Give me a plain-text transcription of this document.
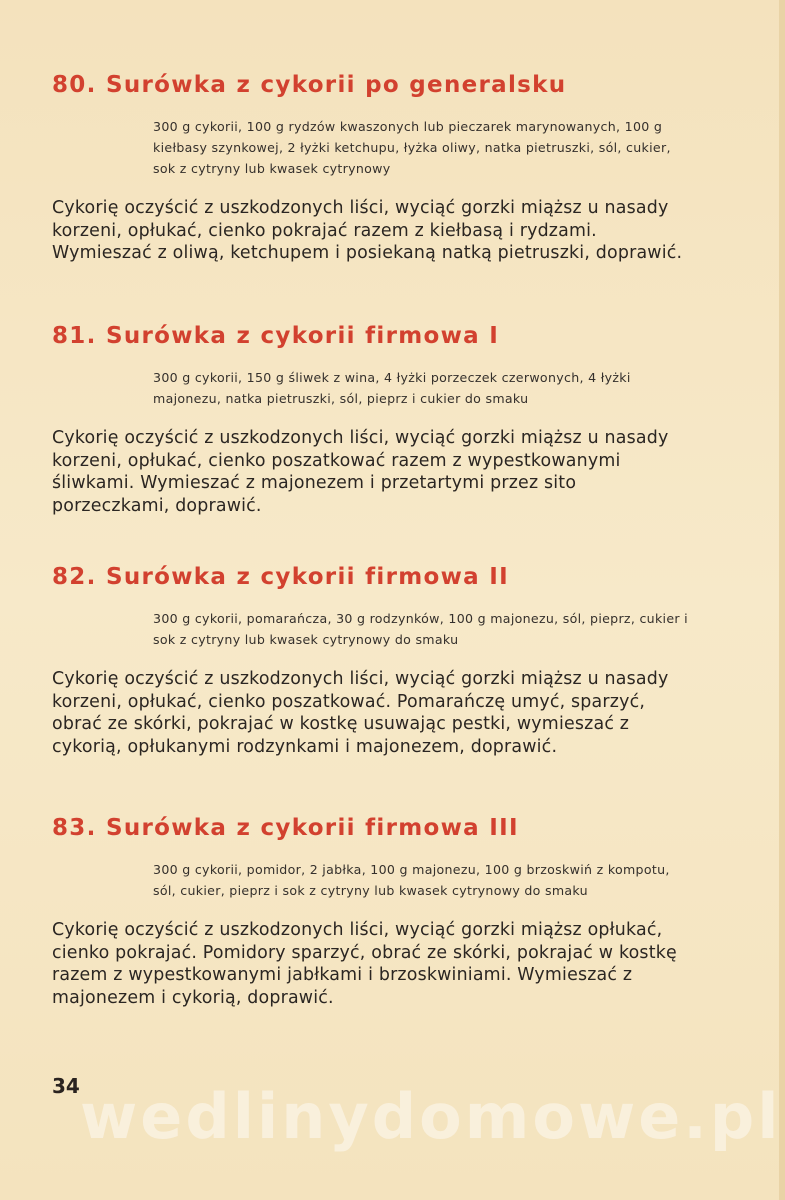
80. Surówka z cykorii po generalsku

300 g cykorii, 100 g rydzów kwaszonych lub pieczarek marynowanych, 100 g kiełbasy szynkowej, 2 łyżki ketchupu, łyżka oliwy, natka pietruszki, sól, cukier, sok z cytryny lub kwasek cytrynowy

Cykorię oczyścić z uszkodzonych liści, wyciąć gorzki miąższ u nasady korzeni, opłukać, cienko pokrajać razem z kiełbasą i rydzami. Wymieszać z oliwą, ketchupem i posiekaną natką pietruszki, doprawić.

81. Surówka z cykorii firmowa I

300 g cykorii, 150 g śliwek z wina, 4 łyżki porzeczek czerwonych, 4 łyżki majonezu, natka pietruszki, sól, pieprz i cukier do smaku

Cykorię oczyścić z uszkodzonych liści, wyciąć gorzki miąższ u nasady korzeni, opłukać, cienko poszatkować razem z wypestkowanymi śliwkami. Wymieszać z majonezem i przetartymi przez sito porzeczkami, doprawić.

82. Surówka z cykorii firmowa II

300 g cykorii, pomarańcza, 30 g rodzynków, 100 g majonezu, sól, pieprz, cukier i sok z cytryny lub kwasek cytrynowy do smaku

Cykorię oczyścić z uszkodzonych liści, wyciąć gorzki miąższ u nasady korzeni, opłukać, cienko poszatkować. Pomarańczę umyć, sparzyć, obrać ze skórki, pokrajać w kostkę usuwając pestki, wymieszać z cykorią, opłukanymi rodzynkami i majonezem, doprawić.

83. Surówka z cykorii firmowa III

300 g cykorii, pomidor, 2 jabłka, 100 g majonezu, 100 g brzoskwiń z kompotu, sól, cukier, pieprz i sok z cytryny lub kwasek cytrynowy do smaku

Cykorię oczyścić z uszkodzonych liści, wyciąć gorzki miąższ opłukać, cienko pokrajać. Pomidory sparzyć, obrać ze skórki, pokrajać w kostkę razem z wypestkowanymi jabłkami i brzoskwiniami. Wymieszać z majonezem i cykorią, doprawić.

34 wedlinydomowe.pl
